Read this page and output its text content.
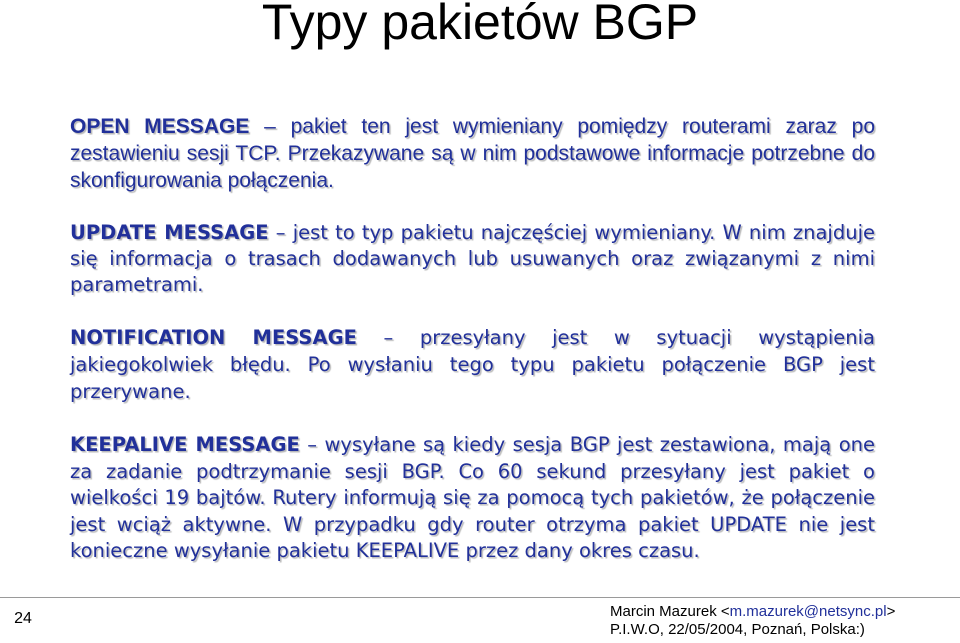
Typy pakietów BGP

OPEN MESSAGE – pakiet ten jest wymieniany pomiędzy routerami zaraz po zestawieniu sesji TCP. Przekazywane są w nim podstawowe informacje potrzebne do skonfigurowania połączenia.

UPDATE MESSAGE – jest to typ pakietu najczęściej wymieniany. W nim znajduje się informacja o trasach dodawanych lub usuwanych oraz związanymi z nimi parametrami.

NOTIFICATION MESSAGE – przesyłany jest w sytuacji wystąpienia jakiegokolwiek błędu. Po wysłaniu tego typu pakietu połączenie BGP jest przerywane.

KEEPALIVE MESSAGE – wysyłane są kiedy sesja BGP jest zestawiona, mają one za zadanie podtrzymanie sesji BGP. Co 60 sekund przesyłany jest pakiet o wielkości 19 bajtów. Rutery informują się za pomocą tych pakietów, że połączenie jest wciąż aktywne. W przypadku gdy router otrzyma pakiet UPDATE nie jest konieczne wysyłanie pakietu KEEPALIVE przez dany okres czasu.

24	Marcin Mazurek <m.mazurek@netsync.pl>
P.I.W.O, 22/05/2004, Poznań, Polska:)
